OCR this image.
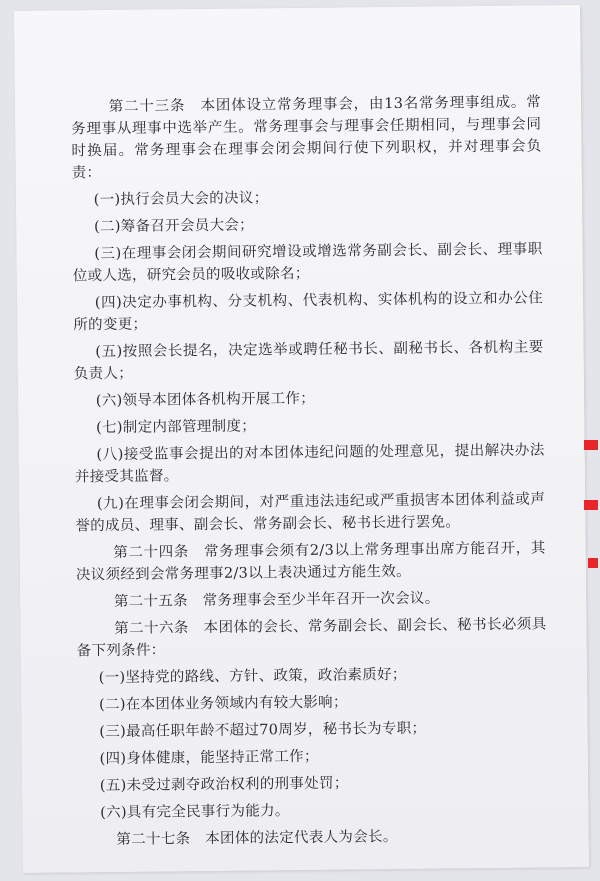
第二十三条　本团体设立常务理事会，由13名常务理事组成。常务理事从理事中选举产生。常务理事会与理事会任期相同，与理事会同时换届。常务理事会在理事会闭会期间行使下列职权，并对理事会负责：

(一)执行会员大会的决议；

(二)筹备召开会员大会；

(三)在理事会闭会期间研究增设或增选常务副会长、副会长、理事职位或人选，研究会员的吸收或除名；

(四)决定办事机构、分支机构、代表机构、实体机构的设立和办公住所的变更；

(五)按照会长提名，决定选举或聘任秘书长、副秘书长、各机构主要负责人；

(六)领导本团体各机构开展工作；

(七)制定内部管理制度；

(八)接受监事会提出的对本团体违纪问题的处理意见，提出解决办法并接受其监督。

(九)在理事会闭会期间，对严重违法违纪或严重损害本团体利益或声誉的成员、理事、副会长、常务副会长、秘书长进行罢免。

第二十四条　常务理事会须有2/3以上常务理事出席方能召开，其决议须经到会常务理事2/3以上表决通过方能生效。

第二十五条　常务理事会至少半年召开一次会议。

第二十六条　本团体的会长、常务副会长、副会长、秘书长必须具备下列条件：

(一)坚持党的路线、方针、政策，政治素质好；

(二)在本团体业务领域内有较大影响；

(三)最高任职年龄不超过70周岁，秘书长为专职；

(四)身体健康，能坚持正常工作；

(五)未受过剥夺政治权利的刑事处罚；

(六)具有完全民事行为能力。

第二十七条　本团体的法定代表人为会长。
